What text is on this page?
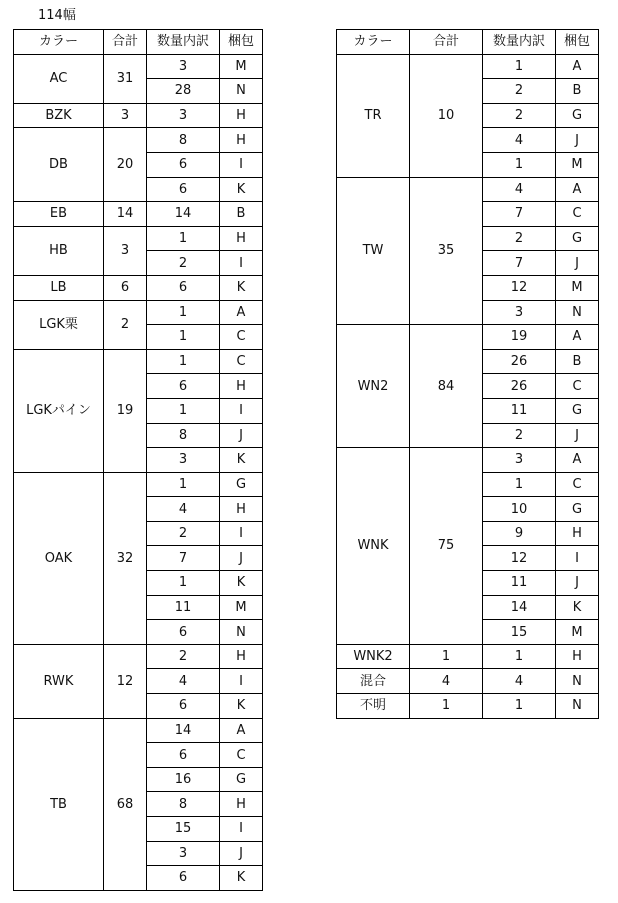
114幅
カラー	合計	数量内訳	梱包
AC	31	3	M
		28	N
BZK	3	3	H
DB	20	8	H
		6	I
		6	K
EB	14	14	B
HB	3	1	H
		2	I
LB	6	6	K
LGK栗	2	1	A
		1	C
LGKパイン	19	1	C
		6	H
		1	I
		8	J
		3	K
OAK	32	1	G
		4	H
		2	I
		7	J
		1	K
		11	M
		6	N
RWK	12	2	H
		4	I
		6	K
TB	68	14	A
		6	C
		16	G
		8	H
		15	I
		3	J
		6	K
カラー	合計	数量内訳	梱包
TR	10	1	A
		2	B
		2	G
		4	J
		1	M
TW	35	4	A
		7	C
		2	G
		7	J
		12	M
		3	N
WN2	84	19	A
		26	B
		26	C
		11	G
		2	J
WNK	75	3	A
		1	C
		10	G
		9	H
		12	I
		11	J
		14	K
		15	M
WNK2	1	1	H
混合	4	4	N
不明	1	1	N
